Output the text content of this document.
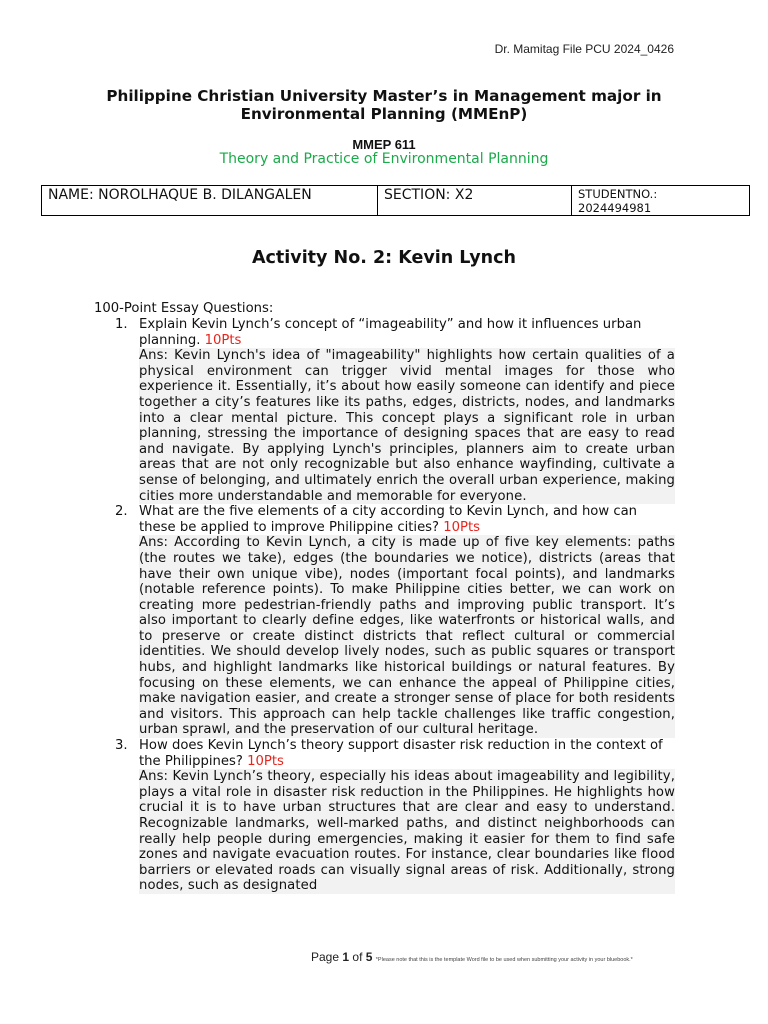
Dr. Mamitag File PCU 2024_0426
Philippine Christian University Master’s in Management major in Environmental Planning (MMEnP)
MMEP 611
Theory and Practice of Environmental Planning
NAME: NOROLHAQUE B. DILANGALEN	SECTION: X2	STUDENTNO.:
2024494981
Activity No. 2: Kevin Lynch
100-Point Essay Questions:
1. Explain Kevin Lynch’s concept of “imageability” and how it influences urban planning. 10Pts
Ans: Kevin Lynch's idea of "imageability" highlights how certain qualities of a physical environment can trigger vivid mental images for those who experience it. Essentially, it’s about how easily someone can identify and piece together a city’s features like its paths, edges, districts, nodes, and landmarks into a clear mental picture. This concept plays a significant role in urban planning, stressing the importance of designing spaces that are easy to read and navigate. By applying Lynch's principles, planners aim to create urban areas that are not only recognizable but also enhance wayfinding, cultivate a sense of belonging, and ultimately enrich the overall urban experience, making cities more understandable and memorable for everyone.
2. What are the five elements of a city according to Kevin Lynch, and how can these be applied to improve Philippine cities? 10Pts
Ans: According to Kevin Lynch, a city is made up of five key elements: paths (the routes we take), edges (the boundaries we notice), districts (areas that have their own unique vibe), nodes (important focal points), and landmarks (notable reference points). To make Philippine cities better, we can work on creating more pedestrian-friendly paths and improving public transport. It’s also important to clearly define edges, like waterfronts or historical walls, and to preserve or create distinct districts that reflect cultural or commercial identities. We should develop lively nodes, such as public squares or transport hubs, and highlight landmarks like historical buildings or natural features. By focusing on these elements, we can enhance the appeal of Philippine cities, make navigation easier, and create a stronger sense of place for both residents and visitors. This approach can help tackle challenges like traffic congestion, urban sprawl, and the preservation of our cultural heritage.
3. How does Kevin Lynch’s theory support disaster risk reduction in the context of the Philippines? 10Pts
Ans: Kevin Lynch’s theory, especially his ideas about imageability and legibility, plays a vital role in disaster risk reduction in the Philippines. He highlights how crucial it is to have urban structures that are clear and easy to understand. Recognizable landmarks, well-marked paths, and distinct neighborhoods can really help people during emergencies, making it easier for them to find safe zones and navigate evacuation routes. For instance, clear boundaries like flood barriers or elevated roads can visually signal areas of risk. Additionally, strong nodes, such as designated
Page 1 of 5 *Please note that this is the template Word file to be used when submitting your activity in your bluebook.*
